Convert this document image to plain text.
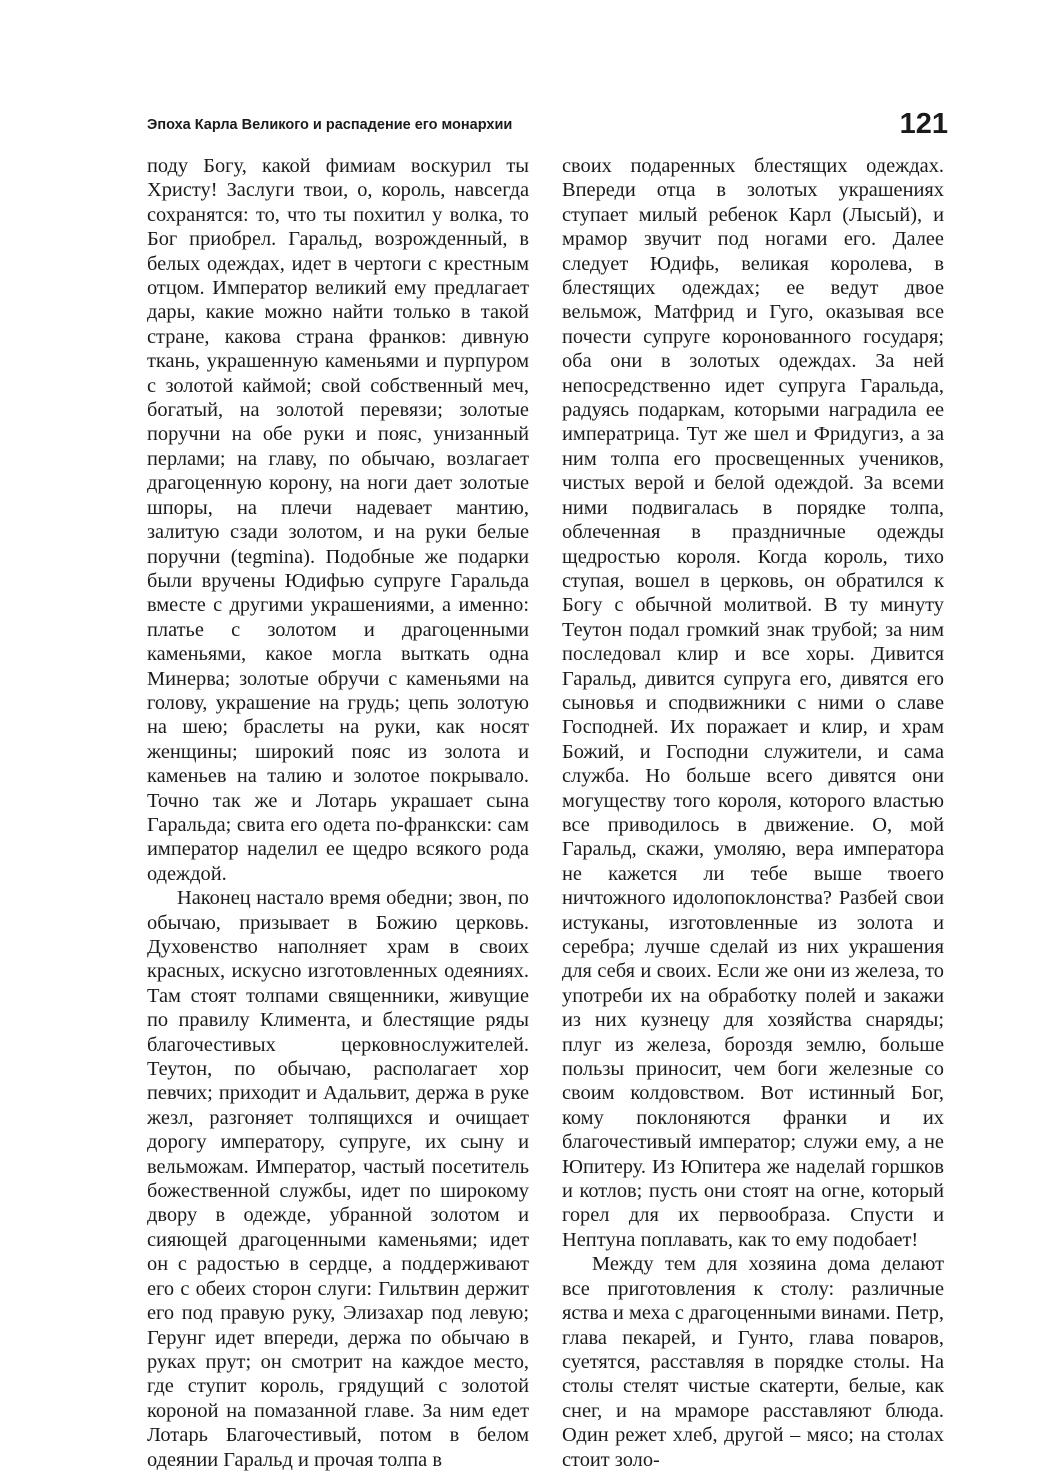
Эпоха Карла Великого и распадение его монархии	121

поду Богу, какой фимиам воскурил ты Христу! Заслуги твои, о, король, навсегда сохранятся: то, что ты похитил у волка, то Бог приобрел. Гаральд, возрожденный, в белых одеждах, идет в чертоги с крестным отцом. Император великий ему предлагает дары, какие можно найти только в такой стране, какова страна франков: дивную ткань, украшенную каменьями и пурпуром с золотой каймой; свой собственный меч, богатый, на золотой перевязи; золотые поручни на обе руки и пояс, унизанный перлами; на главу, по обычаю, возлагает драгоценную корону, на ноги дает золотые шпоры, на плечи надевает мантию, залитую сзади золотом, и на руки белые поручни (tegmina). Подобные же подарки были вручены Юдифью супруге Гаральда вместе с другими украшениями, а именно: платье с золотом и драгоценными каменьями, какое могла выткать одна Минерва; золотые обручи с каменьями на голову, украшение на грудь; цепь золотую на шею; браслеты на руки, как носят женщины; широкий пояс из золота и каменьев на талию и золотое покрывало. Точно так же и Лотарь украшает сына Гаральда; свита его одета по-франкски: сам император наделил ее щедро всякого рода одеждой.

Наконец настало время обедни; звон, по обычаю, призывает в Божию церковь. Духовенство наполняет храм в своих красных, искусно изготовленных одеяниях. Там стоят толпами священники, живущие по правилу Климента, и блестящие ряды благочестивых церковнослужителей. Теутон, по обычаю, располагает хор певчих; приходит и Адальвит, держа в руке жезл, разгоняет толпящихся и очищает дорогу императору, супруге, их сыну и вельможам. Император, частый посетитель божественной службы, идет по широкому двору в одежде, убранной золотом и сияющей драгоценными каменьями; идет он с радостью в сердце, а поддерживают его с обеих сторон слуги: Гильтвин держит его под правую руку, Элизахар под левую; Герунг идет впереди, держа по обычаю в руках прут; он смотрит на каждое место, где ступит король, грядущий с золотой короной на помазанной главе. За ним едет Лотарь Благочестивый, потом в белом одеянии Гаральд и прочая толпа в

своих подаренных блестящих одеждах. Впереди отца в золотых украшениях ступает милый ребенок Карл (Лысый), и мрамор звучит под ногами его. Далее следует Юдифь, великая королева, в блестящих одеждах; ее ведут двое вельмож, Матфрид и Гуго, оказывая все почести супруге коронованного государя; оба они в золотых одеждах. За ней непосредственно идет супруга Гаральда, радуясь подаркам, которыми наградила ее императрица. Тут же шел и Фридугиз, а за ним толпа его просвещенных учеников, чистых верой и белой одеждой. За всеми ними подвигалась в порядке толпа, облеченная в праздничные одежды щедростью короля. Когда король, тихо ступая, вошел в церковь, он обратился к Богу с обычной молитвой. В ту минуту Теутон подал громкий знак трубой; за ним последовал клир и все хоры. Дивится Гаральд, дивится супруга его, дивятся его сыновья и сподвижники с ними о славе Господней. Их поражает и клир, и храм Божий, и Господни служители, и сама служба. Но больше всего дивятся они могуществу того короля, которого властью все приводилось в движение. О, мой Гаральд, скажи, умоляю, вера императора не кажется ли тебе выше твоего ничтожного идолопоклонства? Разбей свои истуканы, изготовленные из золота и серебра; лучше сделай из них украшения для себя и своих. Если же они из железа, то употреби их на обработку полей и закажи из них кузнецу для хозяйства снаряды; плуг из железа, бороздя землю, больше пользы приносит, чем боги железные со своим колдовством. Вот истинный Бог, кому поклоняются франки и их благочестивый император; служи ему, а не Юпитеру. Из Юпитера же наделай горшков и котлов; пусть они стоят на огне, который горел для их первообраза. Спусти и Нептуна поплавать, как то ему подобает!

Между тем для хозяина дома делают все приготовления к столу: различные яства и меха с драгоценными винами. Петр, глава пекарей, и Гунто, глава поваров, суетятся, расставляя в порядке столы. На столы стелят чистые скатерти, белые, как снег, и на мраморе расставляют блюда. Один режет хлеб, другой – мясо; на столах стоит золо-
